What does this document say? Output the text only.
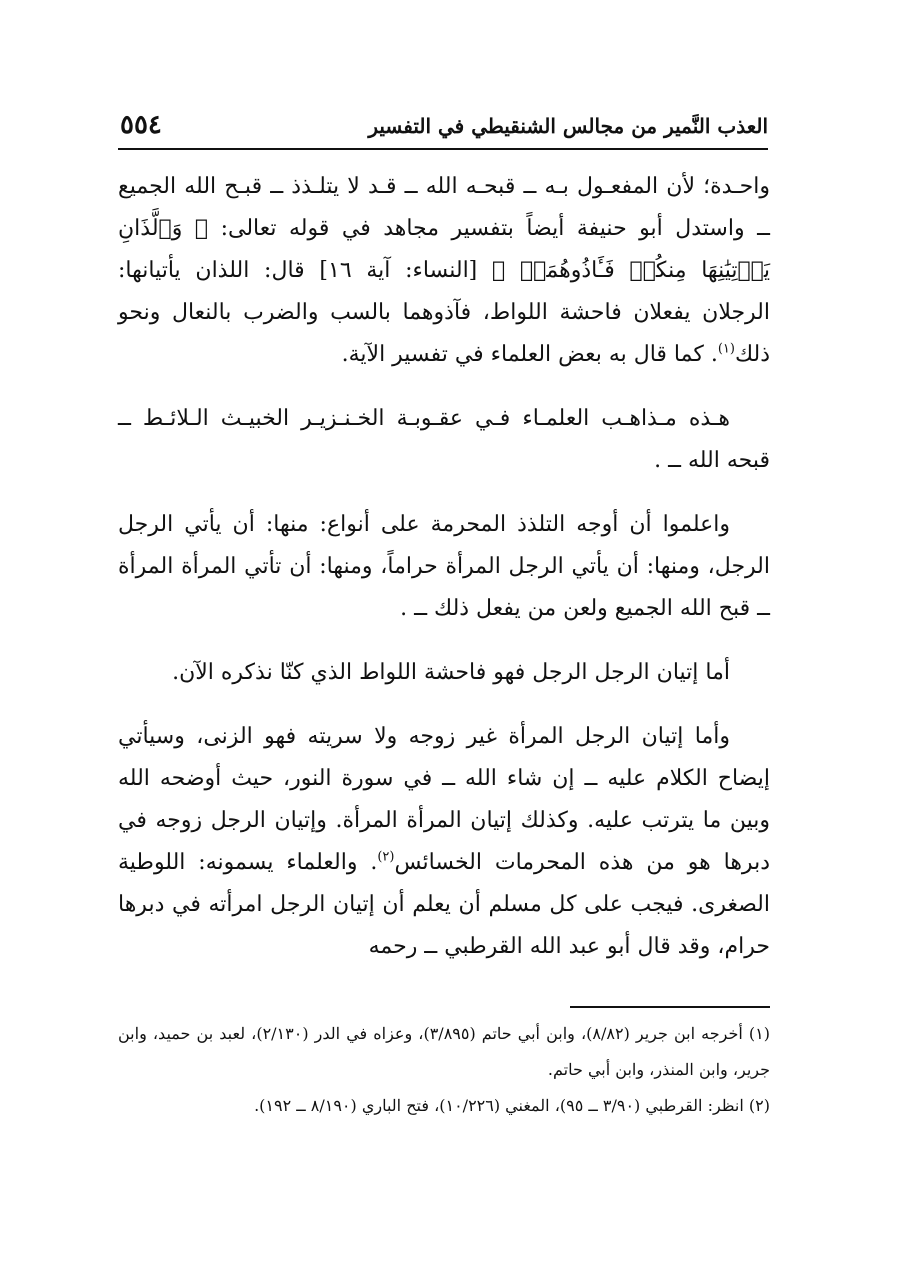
العذب النَّمير من مجالس الشنقيطي في التفسير
٥٥٤

واحـدة؛ لأن المفعـول بـه ــ قبحـه الله ــ قـد لا يتلـذذ ــ قبـح الله الجميع ــ واستدل أبو حنيفة أيضاً بتفسير مجاهد في قوله تعالى: ﴿ وَٱلَّذَانِ يَأۡتِيَٰنِهَا مِنكُمۡ فَـَٔاذُوهُمَاۖ ﴾ [النساء: آية ١٦] قال: اللذان يأتيانها: الرجلان يفعلان فاحشة اللواط، فآذوهما بالسب والضرب بالنعال ونحو ذلك$^{(١)}$. كما قال به بعض العلماء في تفسير الآية.

هـذه مـذاهـب العلمـاء فـي عقـوبـة الخـنـزيـر الخبيـث الـلائـط ــ قبحه الله ــ .

واعلموا أن أوجه التلذذ المحرمة على أنواع: منها: أن يأتي الرجل الرجل، ومنها: أن يأتي الرجل المرأة حراماً، ومنها: أن تأتي المرأة المرأة ــ قبح الله الجميع ولعن من يفعل ذلك ــ .

أما إتيان الرجل الرجل فهو فاحشة اللواط الذي كنّا نذكره الآن.

وأما إتيان الرجل المرأة غير زوجه ولا سريته فهو الزنى، وسيأتي إيضاح الكلام عليه ــ إن شاء الله ــ في سورة النور، حيث أوضحه الله وبين ما يترتب عليه. وكذلك إتيان المرأة المرأة. وإتيان الرجل زوجه في دبرها هو من هذه المحرمات الخسائس$^{(٢)}$. والعلماء يسمونه: اللوطية الصغرى. فيجب على كل مسلم أن يعلم أن إتيان الرجل امرأته في دبرها حرام، وقد قال أبو عبد الله القرطبي ــ رحمه

(١) أخرجه ابن جرير (٨/٨٢)، وابن أبي حاتم (٣/٨٩٥)، وعزاه في الدر (٢/١٣٠)، لعبد بن حميد، وابن جرير، وابن المنذر، وابن أبي حاتم.

(٢) انظر: القرطبي (٣/٩٠ ــ ٩٥)، المغني (١٠/٢٢٦)، فتح الباري (٨/١٩٠ ــ ١٩٢).
